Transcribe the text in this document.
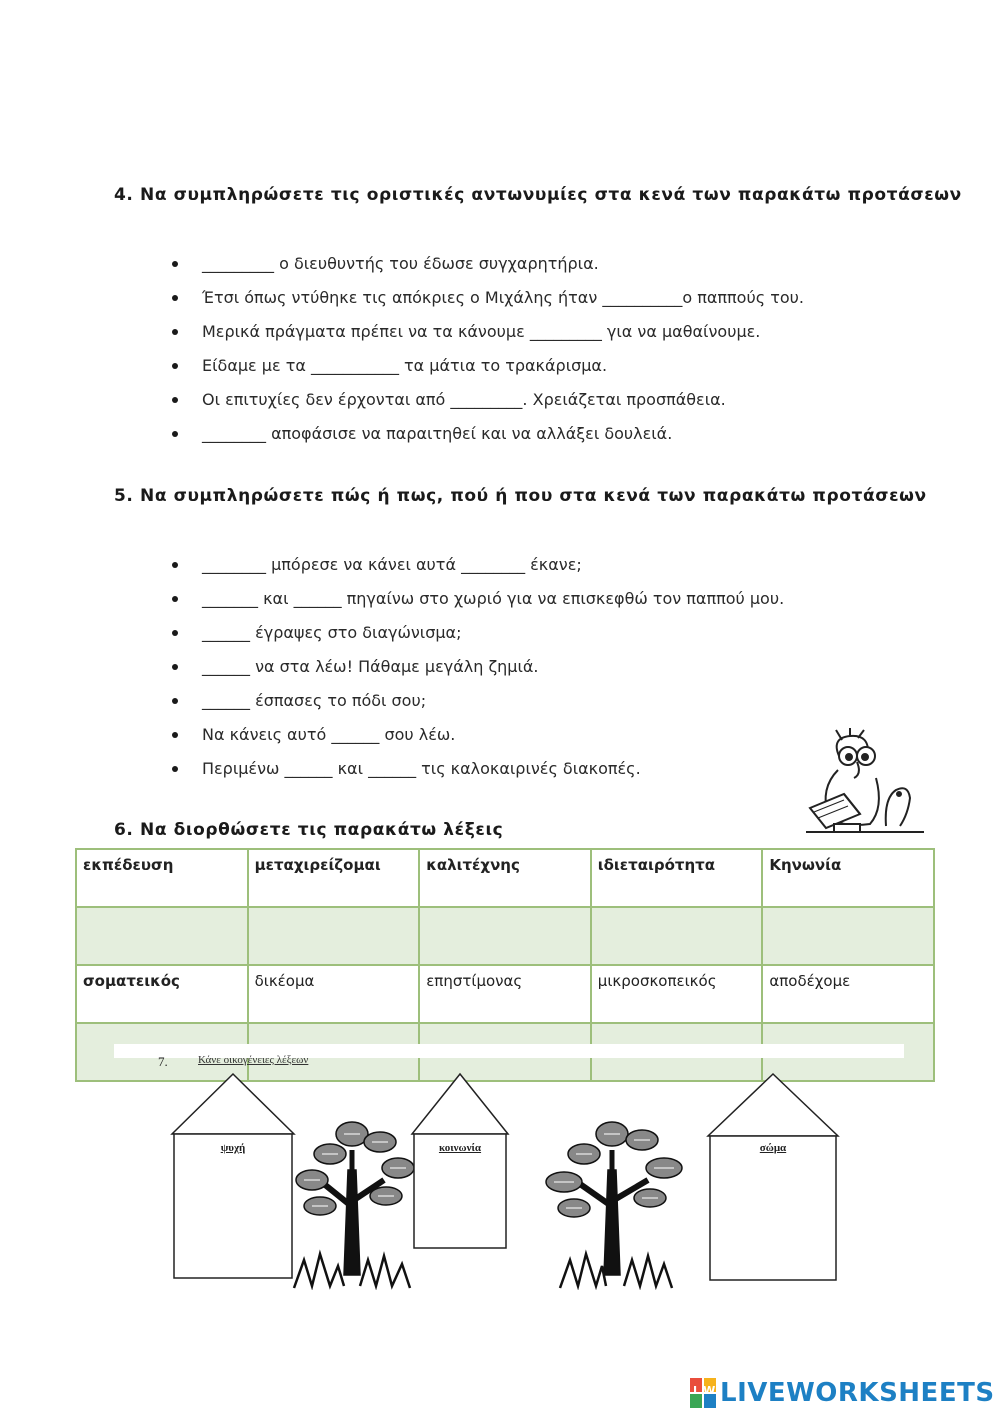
4. Να συμπληρώσετε τις οριστικές αντωνυμίες στα κενά των παρακάτω προτάσεων
_________ ο διευθυντής του έδωσε συγχαρητήρια.
Έτσι όπως ντύθηκε τις απόκριες ο Μιχάλης ήταν __________ο παππούς του.
Μερικά πράγματα πρέπει να τα κάνουμε _________ για να μαθαίνουμε.
Είδαμε με τα ___________ τα μάτια το τρακάρισμα.
Οι επιτυχίες δεν έρχονται από _________. Χρειάζεται προσπάθεια.
________ αποφάσισε να παραιτηθεί και να αλλάξει δουλειά.
5. Να συμπληρώσετε πώς ή πως, πού ή που στα κενά των παρακάτω προτάσεων
________ μπόρεσε να κάνει αυτά ________ έκανε;
_______ και ______ πηγαίνω στο χωριό για να επισκεφθώ τον παππού μου.
______ έγραψες στο διαγώνισμα;
______ να στα λέω! Πάθαμε μεγάλη ζημιά.
______ έσπασες το πόδι σου;
Να κάνεις αυτό ______ σου λέω.
Περιμένω ______ και ______ τις καλοκαιρινές διακοπές.
6. Να διορθώσετε τις παρακάτω λέξεις
εκπέδευση	μεταχιρείζομαι	καλιτέχνης	ιδιεταιρότητα	Κηνωνία

σοματεικός	δικέομα	επηστίμονας	μικροσκοπεικός	αποδέχομε

7.	Κάνε οικογένειες λέξεων
ψυχή	κοινωνία	σώμα
LW LIVEWORKSHEETS
